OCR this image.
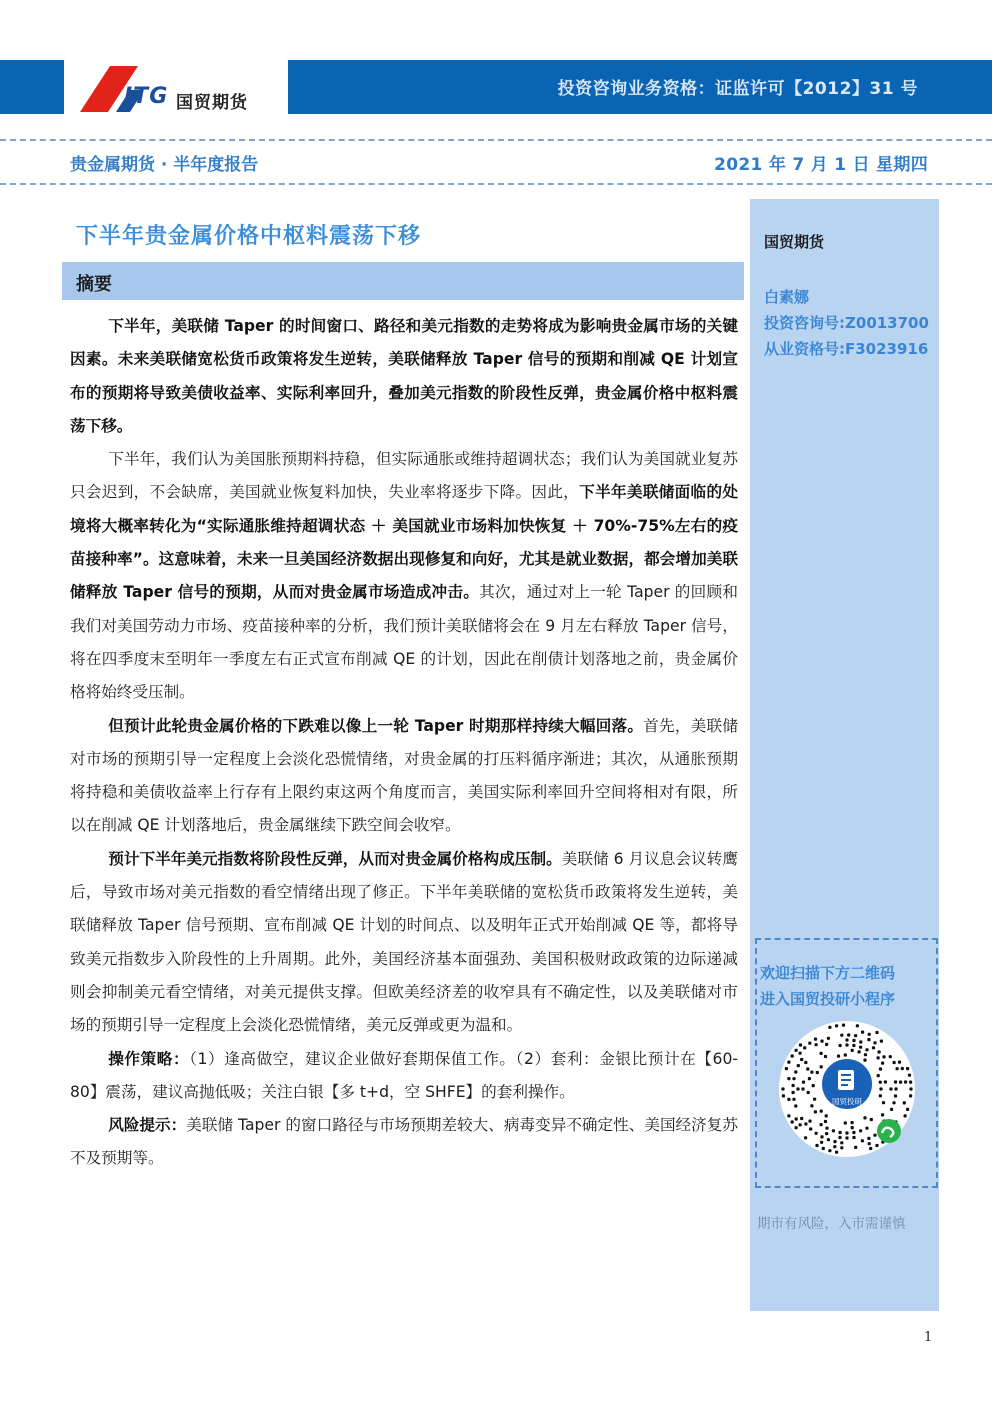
ITG 国贸期货
投资咨询业务资格：证监许可【2012】31 号
贵金属期货 · 半年度报告	2021 年 7 月 1 日 星期四
下半年贵金属价格中枢料震荡下移
摘要

下半年，美联储 Taper 的时间窗口、路径和美元指数的走势将成为影响贵金属市场的关键因素。未来美联储宽松货币政策将发生逆转，美联储释放 Taper 信号的预期和削减 QE 计划宣布的预期将导致美债收益率、实际利率回升，叠加美元指数的阶段性反弹，贵金属价格中枢料震荡下移。

下半年，我们认为美国胀预期料持稳，但实际通胀或维持超调状态；我们认为美国就业复苏只会迟到，不会缺席，美国就业恢复料加快，失业率将逐步下降。因此，下半年美联储面临的处境将大概率转化为“实际通胀维持超调状态 ＋ 美国就业市场料加快恢复 ＋ 70%-75%左右的疫苗接种率”。这意味着，未来一旦美国经济数据出现修复和向好，尤其是就业数据，都会增加美联储释放 Taper 信号的预期，从而对贵金属市场造成冲击。其次，通过对上一轮 Taper 的回顾和我们对美国劳动力市场、疫苗接种率的分析，我们预计美联储将会在 9 月左右释放 Taper 信号，将在四季度末至明年一季度左右正式宣布削减 QE 的计划，因此在削债计划落地之前，贵金属价格将始终受压制。

但预计此轮贵金属价格的下跌难以像上一轮 Taper 时期那样持续大幅回落。首先，美联储对市场的预期引导一定程度上会淡化恐慌情绪，对贵金属的打压料循序渐进；其次，从通胀预期将持稳和美债收益率上行存有上限约束这两个角度而言，美国实际利率回升空间将相对有限，所以在削减 QE 计划落地后，贵金属继续下跌空间会收窄。

预计下半年美元指数将阶段性反弹，从而对贵金属价格构成压制。美联储 6 月议息会议转鹰后，导致市场对美元指数的看空情绪出现了修正。下半年美联储的宽松货币政策将发生逆转，美联储释放 Taper 信号预期、宣布削减 QE 计划的时间点、以及明年正式开始削减 QE 等，都将导致美元指数步入阶段性的上升周期。此外，美国经济基本面强劲、美国积极财政政策的边际递减则会抑制美元看空情绪，对美元提供支撑。但欧美经济差的收窄具有不确定性，以及美联储对市场的预期引导一定程度上会淡化恐慌情绪，美元反弹或更为温和。

操作策略：（1）逢高做空，建议企业做好套期保值工作。（2）套利：金银比预计在【60-80】震荡，建议高抛低吸；关注白银【多 t+d，空 SHFE】的套利操作。

风险提示：美联储 Taper 的窗口路径与市场预期差较大、病毒变异不确定性、美国经济复苏不及预期等。

国贸期货
白素娜
投资咨询号:Z0013700
从业资格号:F3023916
欢迎扫描下方二维码
进入国贸投研小程序
国贸投研
期市有风险，入市需谨慎
1
